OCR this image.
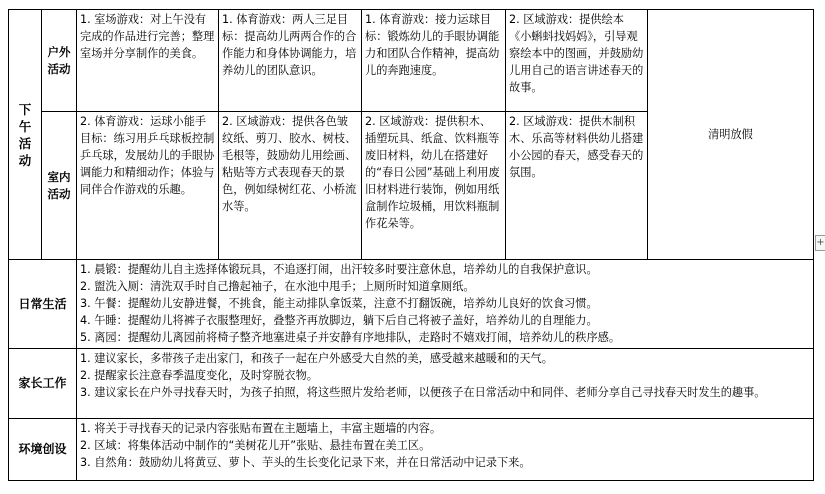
下午活动	户外活动	1. 室场游戏：对上午没有完成的作品进行完善；整理室场并分享制作的美食。	1. 体育游戏：两人三足目标：提高幼儿两两合作的合作能力和身体协调能力，培养幼儿的团队意识。	1. 体育游戏：接力运球目标：锻炼幼儿的手眼协调能力和团队合作精神，提高幼儿的奔跑速度。	2. 区域游戏：提供绘本《小蝌蚪找妈妈》，引导观察绘本中的图画，并鼓励幼儿用自己的语言讲述春天的故事。	清明放假

	室内活动	2. 体育游戏：运球小能手目标：练习用乒乓球板控制乒乓球，发展幼儿的手眼协调能力和精细动作；体验与同伴合作游戏的乐趣。	2. 区域游戏：提供各色皱纹纸、剪刀、胶水、树枝、毛根等，鼓励幼儿用绘画、粘贴等方式表现春天的景色，例如绿树红花、小桥流水等。	2. 区域游戏：提供积木、插塑玩具、纸盒、饮料瓶等废旧材料，幼儿在搭建好的“春日公园”基础上利用废旧材料进行装饰，例如用纸盒制作垃圾桶，用饮料瓶制作花朵等。	2. 区域游戏：提供木制积木、乐高等材料供幼儿搭建小公园的春天，感受春天的氛围。	
日常生活		1. 晨锻：提醒幼儿自主选择体锻玩具，不追逐打闹，出汗较多时要注意休息，培养幼儿的自我保护意识。
2. 盥洗入厕：清洗双手时自己撸起袖子，在水池中甩手；上厕所时知道拿厕纸。
3. 午餐：提醒幼儿安静进餐，不挑食，能主动排队拿饭菜，注意不打翻饭碗，培养幼儿良好的饮食习惯。
4. 午睡：提醒幼儿将裤子衣服整理好，叠整齐再放脚边，躺下后自己将被子盖好，培养幼儿的自理能力。
5. 离园：提醒幼儿离园前将椅子整齐地塞进桌子并安静有序地排队，走路时不嬉戏打闹，培养幼儿的秩序感。				

家长工作		1. 建议家长，多带孩子走出家门，和孩子一起在户外感受大自然的美，感受越来越暖和的天气。
2. 提醒家长注意春季温度变化，及时穿脱衣物。
3. 建议家长在户外寻找春天时，为孩子拍照，将这些照片发给老师，以便孩子在日常活动中和同伴、老师分享自己寻找春天时发生的趣事。				

环境创设		1. 将关于寻找春天的记录内容张贴布置在主题墙上，丰富主题墙的内容。
2. 区域：将集体活动中制作的“美树花儿开”张贴、悬挂布置在美工区。
3. 自然角：鼓励幼儿将黄豆、萝卜、芋头的生长变化记录下来，并在日常活动中记录下来。				
+
